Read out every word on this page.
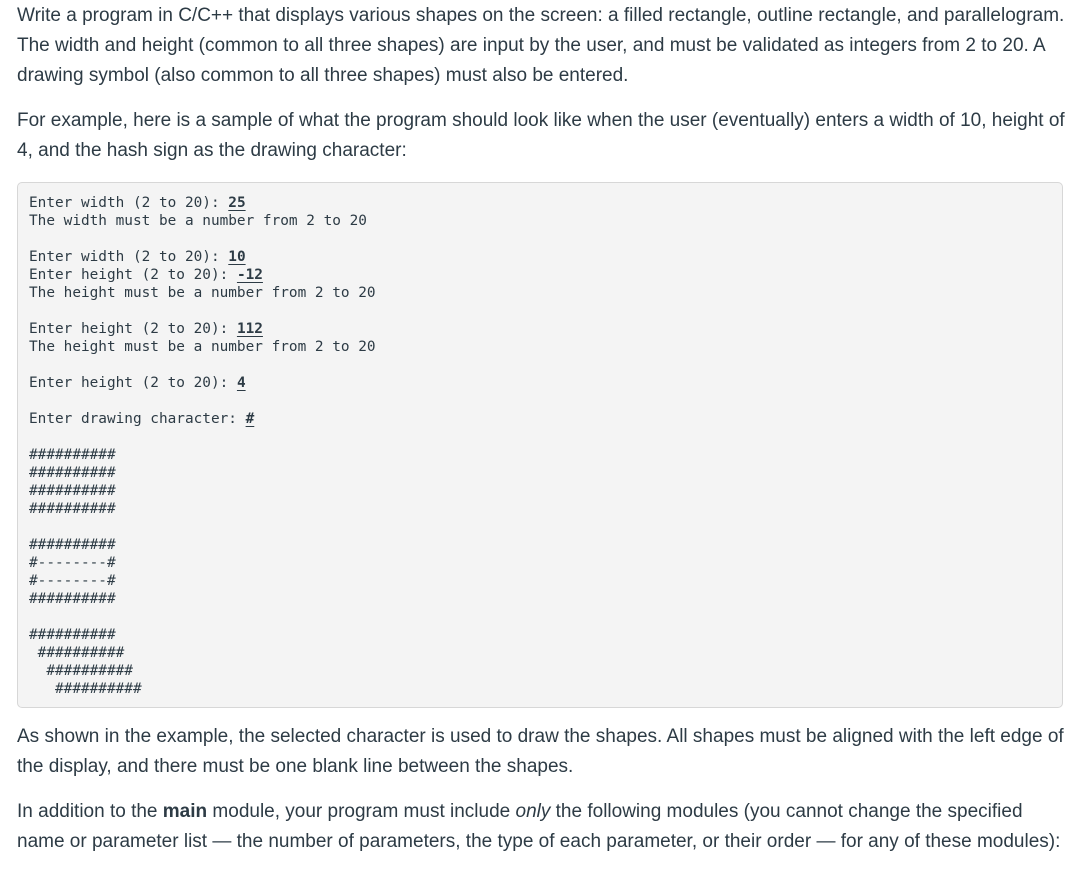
Write a program in C/C++ that displays various shapes on the screen: a filled rectangle, outline rectangle, and parallelogram. The width and height (common to all three shapes) are input by the user, and must be validated as integers from 2 to 20. A drawing symbol (also common to all three shapes) must also be entered.

For example, here is a sample of what the program should look like when the user (eventually) enters a width of 10, height of 4, and the hash sign as the drawing character:

Enter width (2 to 20): 25
The width must be a number from 2 to 20
Enter width (2 to 20): 10
Enter height (2 to 20): -12
The height must be a number from 2 to 20
Enter height (2 to 20): 112
The height must be a number from 2 to 20
Enter height (2 to 20): 4
Enter drawing character: #
##########
##########
##########
##########
##########
#--------#
#--------#
##########
##########
##########
##########
##########

As shown in the example, the selected character is used to draw the shapes. All shapes must be aligned with the left edge of the display, and there must be one blank line between the shapes.

In addition to the main module, your program must include only the following modules (you cannot change the specified name or parameter list — the number of parameters, the type of each parameter, or their order — for any of these modules):
